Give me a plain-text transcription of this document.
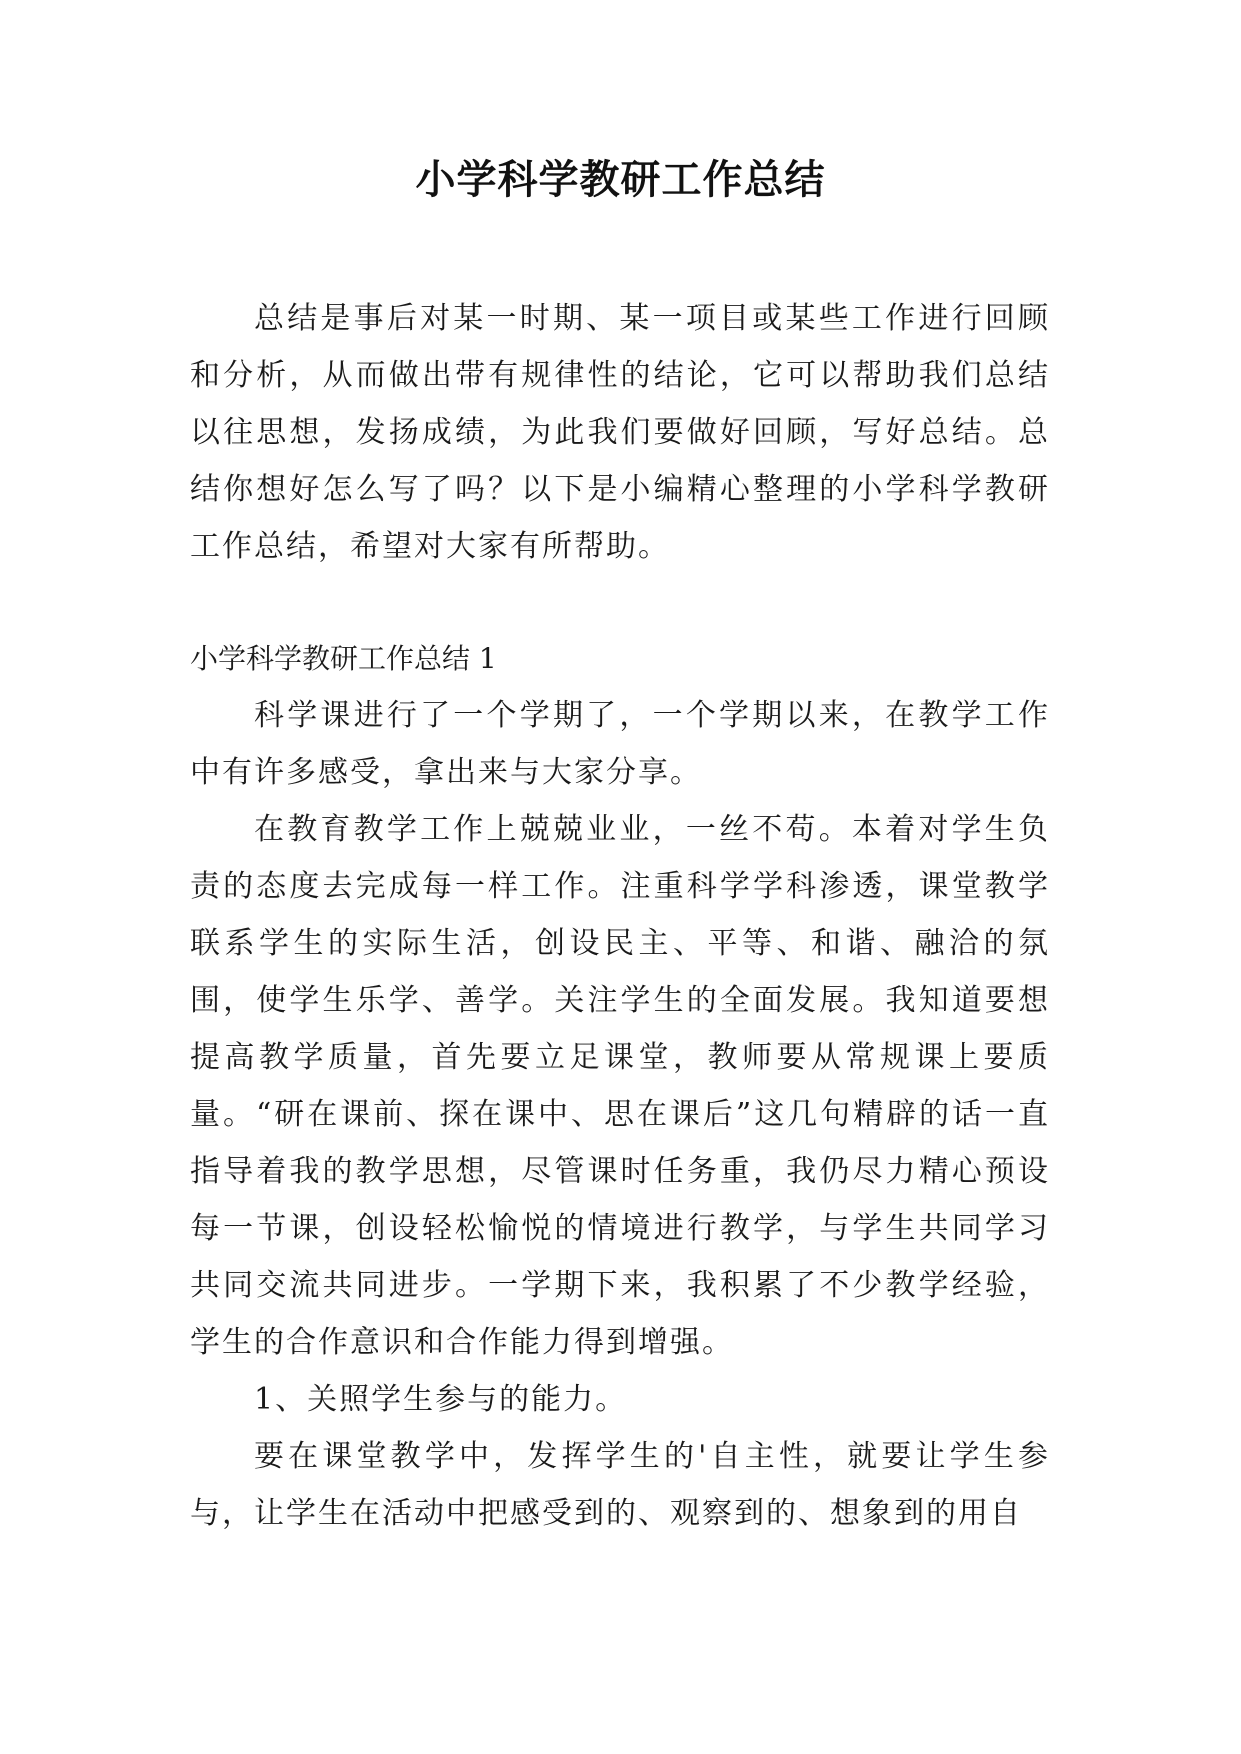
小学科学教研工作总结

总结是事后对某一时期、某一项目或某些工作进行回顾和分析，从而做出带有规律性的结论，它可以帮助我们总结以往思想，发扬成绩，为此我们要做好回顾，写好总结。总结你想好怎么写了吗？以下是小编精心整理的小学科学教研工作总结，希望对大家有所帮助。

小学科学教研工作总结 1

科学课进行了一个学期了，一个学期以来，在教学工作中有许多感受，拿出来与大家分享。

在教育教学工作上兢兢业业，一丝不苟。本着对学生负责的态度去完成每一样工作。注重科学学科渗透，课堂教学联系学生的实际生活，创设民主、平等、和谐、融洽的氛围，使学生乐学、善学。关注学生的全面发展。我知道要想提高教学质量，首先要立足课堂，教师要从常规课上要质量。“研在课前、探在课中、思在课后”这几句精辟的话一直指导着我的教学思想，尽管课时任务重，我仍尽力精心预设每一节课，创设轻松愉悦的情境进行教学，与学生共同学习共同交流共同进步。一学期下来，我积累了不少教学经验，学生的合作意识和合作能力得到增强。

1、关照学生参与的能力。

要在课堂教学中，发挥学生的'自主性，就要让学生参与，让学生在活动中把感受到的、观察到的、想象到的用自
